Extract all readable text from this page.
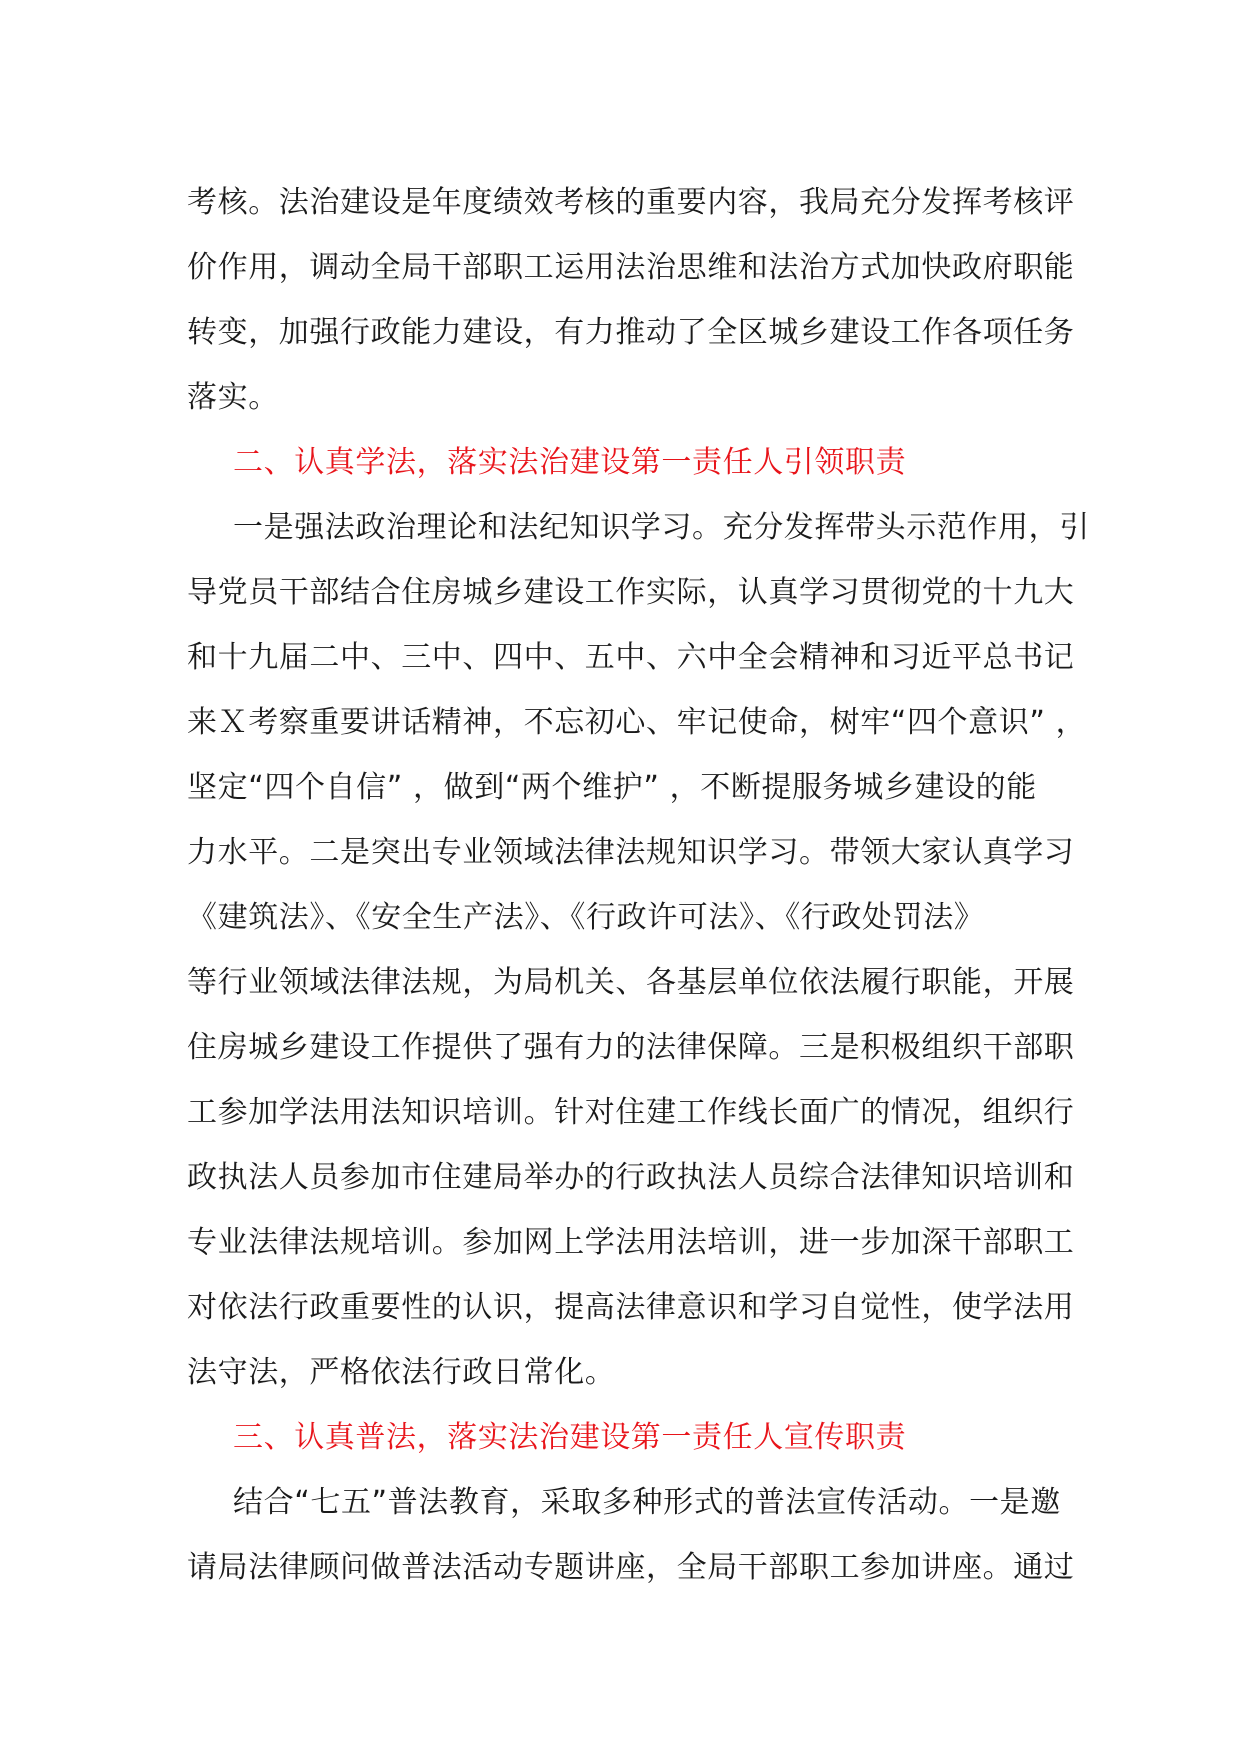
考核。法治建设是年度绩效考核的重要内容，我局充分发挥考核评
价作用，调动全局干部职工运用法治思维和法治方式加快政府职能
转变，加强行政能力建设，有力推动了全区城乡建设工作各项任务
落实。
二、认真学法，落实法治建设第一责任人引领职责
一是强法政治理论和法纪知识学习。充分发挥带头示范作用，引
导党员干部结合住房城乡建设工作实际，认真学习贯彻党的十九大
和十九届二中、三中、四中、五中、六中全会精神和习近平总书记
来Ｘ考察重要讲话精神，不忘初心、牢记使命，树牢“四个意识” ，
坚定“四个自信” ，做到“两个维护” ，不断提服务城乡建设的能
力水平。二是突出专业领域法律法规知识学习。带领大家认真学习
《建筑法》、《安全生产法》、《行政许可法》、《行政处罚法》
等行业领域法律法规，为局机关、各基层单位依法履行职能，开展
住房城乡建设工作提供了强有力的法律保障。三是积极组织干部职
工参加学法用法知识培训。针对住建工作线长面广的情况，组织行
政执法人员参加市住建局举办的行政执法人员综合法律知识培训和
专业法律法规培训。参加网上学法用法培训，进一步加深干部职工
对依法行政重要性的认识，提高法律意识和学习自觉性，使学法用
法守法，严格依法行政日常化。
三、认真普法，落实法治建设第一责任人宣传职责
结合“七五”普法教育，采取多种形式的普法宣传活动。一是邀
请局法律顾问做普法活动专题讲座，全局干部职工参加讲座。通过
